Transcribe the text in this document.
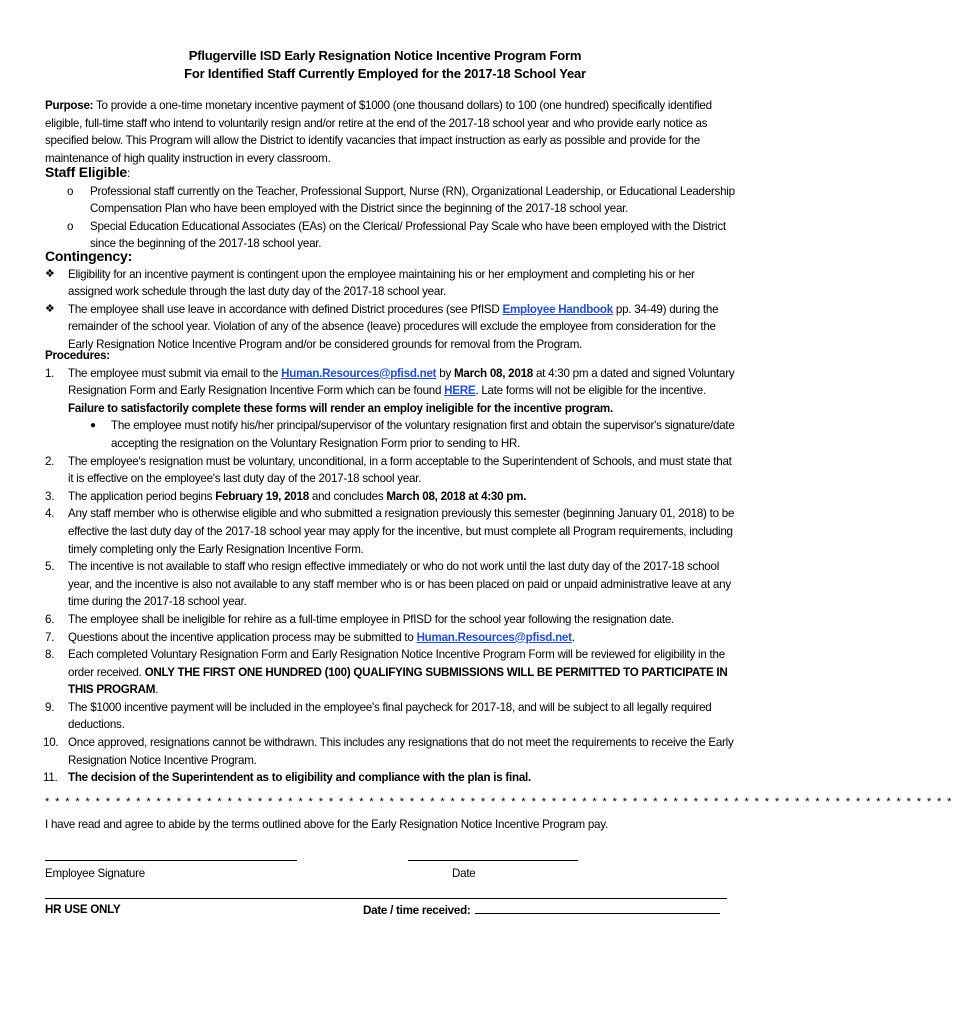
Pflugerville ISD Early Resignation Notice Incentive Program Form
For Identified Staff Currently Employed for the 2017-18 School Year

Purpose: To provide a one-time monetary incentive payment of $1000 (one thousand dollars) to 100 (one hundred) specifically identified eligible, full-time staff who intend to voluntarily resign and/or retire at the end of the 2017-18 school year and who provide early notice as specified below. This Program will allow the District to identify vacancies that impact instruction as early as possible and provide for the maintenance of high quality instruction in every classroom.

Staff Eligible:
o Professional staff currently on the Teacher, Professional Support, Nurse (RN), Organizational Leadership, or Educational Leadership Compensation Plan who have been employed with the District since the beginning of the 2017-18 school year.
o Special Education Educational Associates (EAs) on the Clerical/ Professional Pay Scale who have been employed with the District since the beginning of the 2017-18 school year.
Contingency:
❖ Eligibility for an incentive payment is contingent upon the employee maintaining his or her employment and completing his or her assigned work schedule through the last duty day of the 2017-18 school year.
❖ The employee shall use leave in accordance with defined District procedures (see PfISD Employee Handbook pp. 34-49) during the remainder of the school year. Violation of any of the absence (leave) procedures will exclude the employee from consideration for the Early Resignation Notice Incentive Program and/or be considered grounds for removal from the Program.
Procedures:
1. The employee must submit via email to the Human.Resources@pfisd.net by March 08, 2018 at 4:30 pm a dated and signed Voluntary Resignation Form and Early Resignation Incentive Form which can be found HERE. Late forms will not be eligible for the incentive. Failure to satisfactorily complete these forms will render an employ ineligible for the incentive program.
● The employee must notify his/her principal/supervisor of the voluntary resignation first and obtain the supervisor's signature/date accepting the resignation on the Voluntary Resignation Form prior to sending to HR.
2. The employee's resignation must be voluntary, unconditional, in a form acceptable to the Superintendent of Schools, and must state that it is effective on the employee's last duty day of the 2017-18 school year.
3. The application period begins February 19, 2018 and concludes March 08, 2018 at 4:30 pm.
4. Any staff member who is otherwise eligible and who submitted a resignation previously this semester (beginning January 01, 2018) to be effective the last duty day of the 2017-18 school year may apply for the incentive, but must complete all Program requirements, including timely completing only the Early Resignation Incentive Form.
5. The incentive is not available to staff who resign effective immediately or who do not work until the last duty day of the 2017-18 school year, and the incentive is also not available to any staff member who is or has been placed on paid or unpaid administrative leave at any time during the 2017-18 school year.
6. The employee shall be ineligible for rehire as a full-time employee in PfISD for the school year following the resignation date.
7. Questions about the incentive application process may be submitted to Human.Resources@pfisd.net.
8. Each completed Voluntary Resignation Form and Early Resignation Notice Incentive Program Form will be reviewed for eligibility in the order received. ONLY THE FIRST ONE HUNDRED (100) QUALIFYING SUBMISSIONS WILL BE PERMITTED TO PARTICIPATE IN THIS PROGRAM.
9. The $1000 incentive payment will be included in the employee's final paycheck for 2017-18, and will be subject to all legally required deductions.
10. Once approved, resignations cannot be withdrawn. This includes any resignations that do not meet the requirements to receive the Early Resignation Notice Incentive Program.
11. The decision of the Superintendent as to eligibility and compliance with the plan is final.
* * * * * * * * * * * * * * * * * * * * * * * * * * * * * * * * * * * * * * * * * * * * * * * * * * * * * * * * * * * * * * * * * * * * * * * * * * * * * * * * * * * * * * * * * *
I have read and agree to abide by the terms outlined above for the Early Resignation Notice Incentive Program pay.
Employee Signature	Date
HR USE ONLY	Date / time received:
